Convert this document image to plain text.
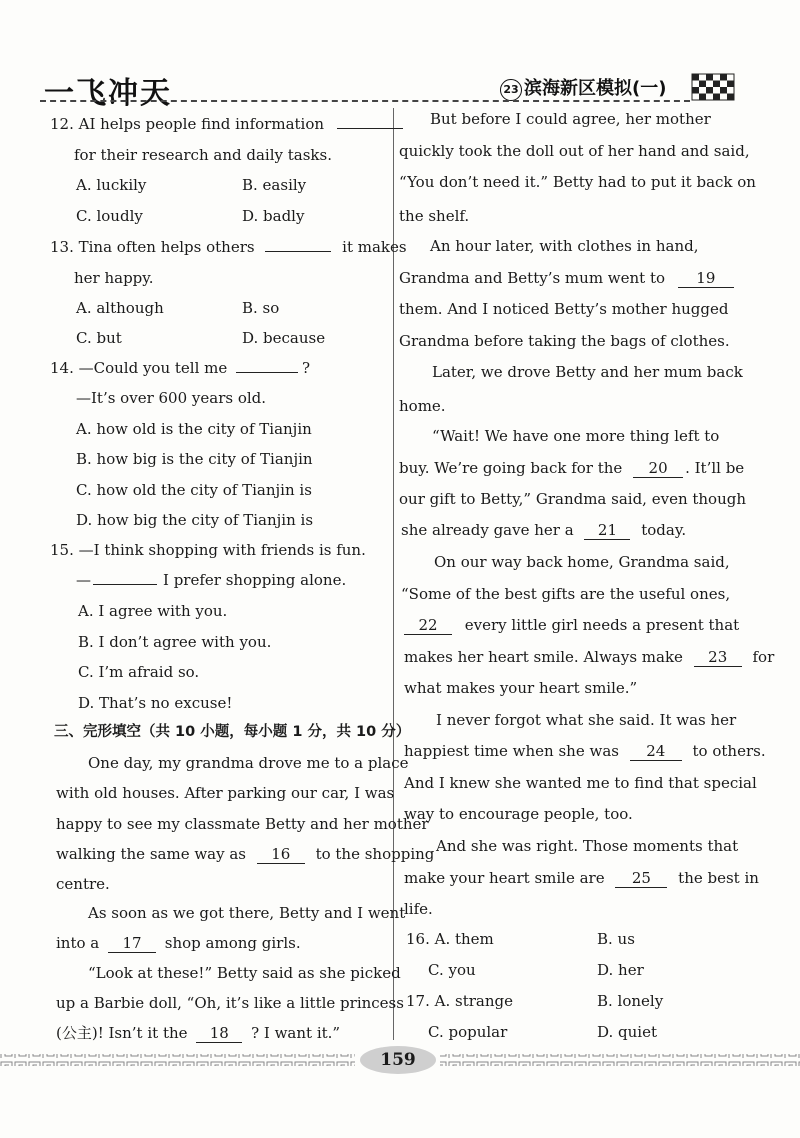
一飞冲天	23 滨海新区模拟(一)
12. AI helps people find information
for their research and daily tasks.
A. luckily	B. easily
C. loudly	D. badly
13. Tina often helps others	it makes
her happy.
A. although	B. so
C. but	D. because
14. —Could you tell me	?
—It’s over 600 years old.
A. how old is the city of Tianjin
B. how big is the city of Tianjin
C. how old the city of Tianjin is
D. how big the city of Tianjin is
15. —I think shopping with friends is fun.
—	I prefer shopping alone.
A. I agree with you.
B. I don’t agree with you.
C. I’m afraid so.
D. That’s no excuse!
三、完形填空（共 10 小题，每小题 1 分，共 10 分）
One day, my grandma drove me to a place
with old houses. After parking our car, I was
happy to see my classmate Betty and her mother
walking the same way as 16 to the shopping
centre.
As soon as we got there, Betty and I went
into a 17 shop among girls.
“Look at these!” Betty said as she picked
up a Barbie doll, “Oh, it’s like a little princess
(公主)! Isn’t it the 18 ? I want it.”
But before I could agree, her mother
quickly took the doll out of her hand and said,
“You don’t need it.” Betty had to put it back on
the shelf.
An hour later, with clothes in hand,
Grandma and Betty’s mum went to 19
them. And I noticed Betty’s mother hugged
Grandma before taking the bags of clothes.
Later, we drove Betty and her mum back
home.
“Wait! We have one more thing left to
buy. We’re going back for the 20 . It’ll be
our gift to Betty,” Grandma said, even though
she already gave her a 21 today.
On our way back home, Grandma said,
“Some of the best gifts are the useful ones,
22 every little girl needs a present that
makes her heart smile. Always make 23 for
what makes your heart smile.”
I never forgot what she said. It was her
happiest time when she was 24 to others.
And I knew she wanted me to find that special
way to encourage people, too.
And she was right. Those moments that
make your heart smile are 25 the best in
life.
16. A. them	B. us
C. you	D. her
17. A. strange	B. lonely
C. popular	D. quiet
159
